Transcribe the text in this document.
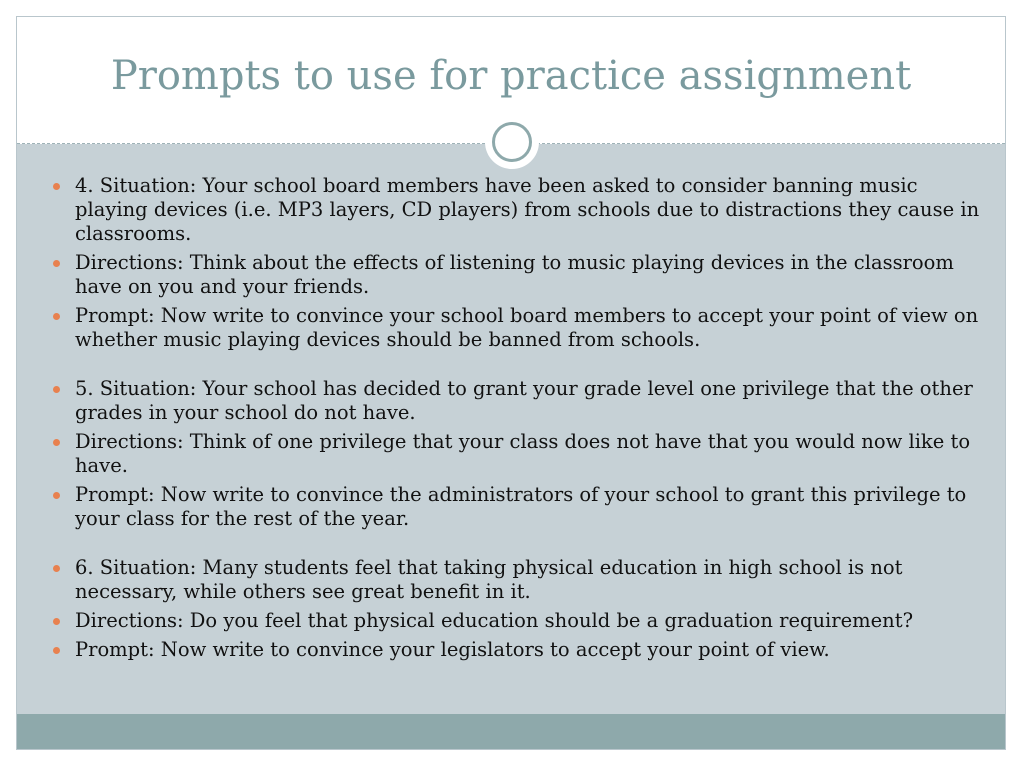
Prompts to use for practice assignment
4. Situation: Your school board members have been asked to consider banning music playing devices (i.e. MP3 layers, CD players) from schools due to distractions they cause in classrooms.
Directions: Think about the effects of listening to music playing devices in the classroom have on you and your friends.
Prompt: Now write to convince your school board members to accept your point of view on whether music playing devices should be banned from schools.
5. Situation: Your school has decided to grant your grade level one privilege that the other grades in your school do not have.
Directions: Think of one privilege that your class does not have that you would now like to have.
Prompt: Now write to convince the administrators of your school to grant this privilege to your class for the rest of the year.
6. Situation: Many students feel that taking physical education in high school is not necessary, while others see great benefit in it.
Directions: Do you feel that physical education should be a graduation requirement?
Prompt: Now write to convince your legislators to accept your point of view.
